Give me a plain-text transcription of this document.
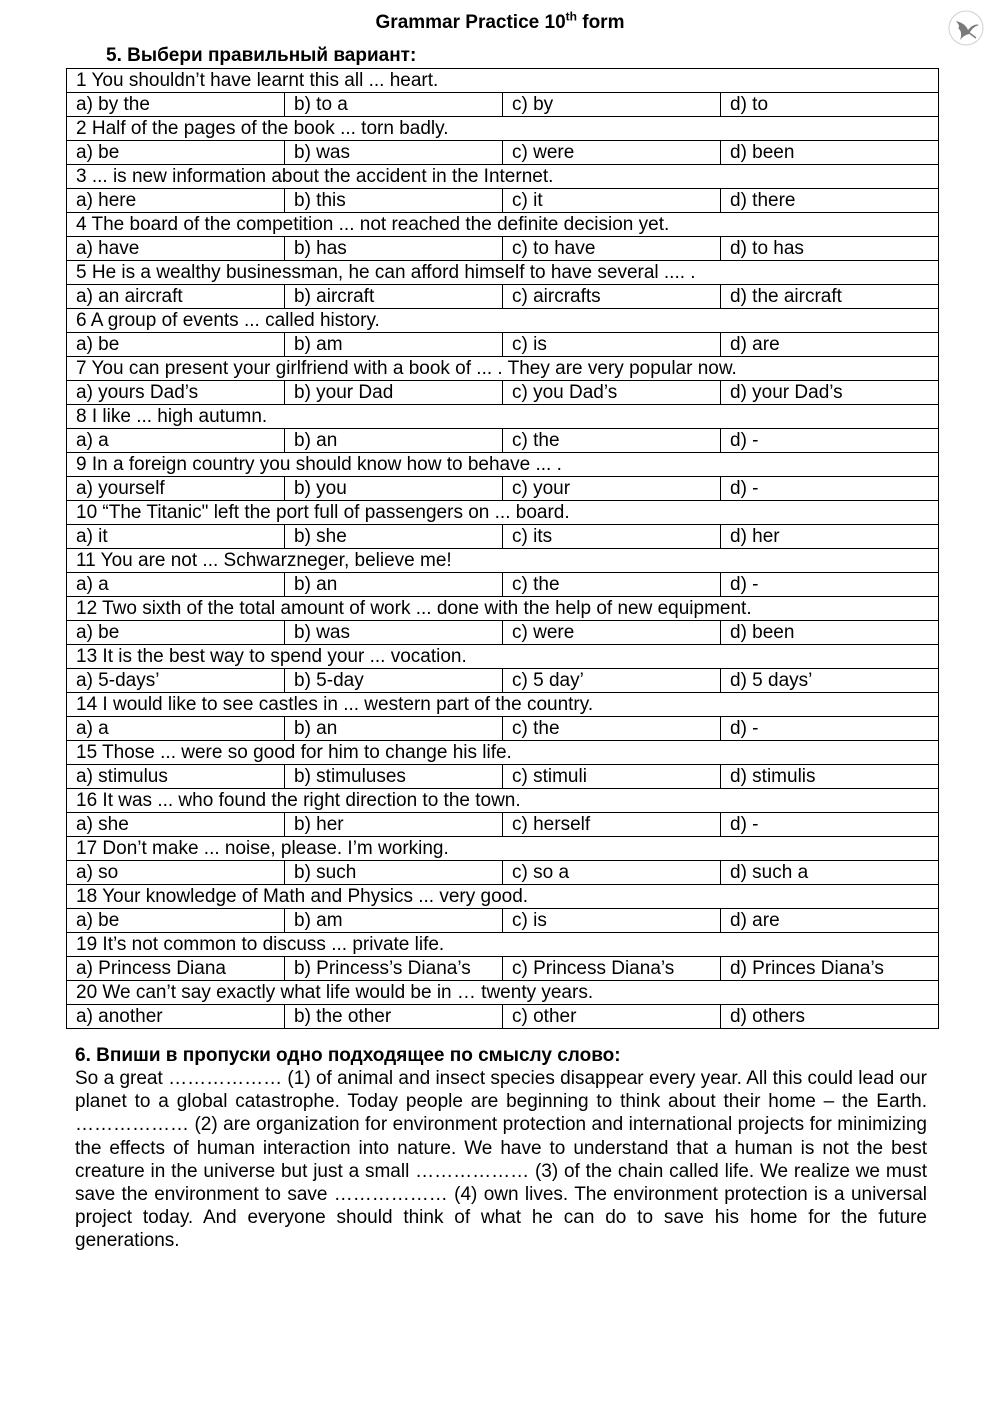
Grammar Practice 10th form
5. Выбери правильный вариант:
1 You shouldn’t have learnt this all ... heart.			
a) by the	b) to a	c) by	d) to
2 Half of the pages of the book ... torn badly.			
a) be	b) was	c) were	d) been
3 ... is new information about the accident in the Internet.			
a) here	b) this	c) it	d) there
4 The board of the competition ... not reached the definite decision yet.			
a) have	b) has	c) to have	d) to has
5 He is a wealthy businessman, he can afford himself to have several .... .			
a) an aircraft	b) aircraft	c) aircrafts	d) the aircraft
6 A group of events ... called history.			
a) be	b) am	c) is	d) are
7 You can present your girlfriend with a book of ... . They are very popular now.			
a) yours Dad’s	b) your Dad	c) you Dad’s	d) your Dad’s
8 I like ... high autumn.			
a) a	b) an	c) the	d) -
9 In a foreign country you should know how to behave ... .			
a) yourself	b) you	c) your	d) -
10 “The Titanic" left the port full of passengers on ... board.			
a) it	b) she	c) its	d) her
11 You are not ... Schwarzneger, believe me!			
a) a	b) an	c) the	d) -
12 Two sixth of the total amount of work ... done with the help of new equipment.			
a) be	b) was	c) were	d) been
13 It is the best way to spend your ... vocation.			
a) 5-days’	b) 5-day	c) 5 day’	d) 5 days’
14 I would like to see castles in ... western part of the country.			
a) a	b) an	c) the	d) -
15 Those ... were so good for him to change his life.			
a) stimulus	b) stimuluses	c) stimuli	d) stimulis
16 It was ... who found the right direction to the town.			
a) she	b) her	c) herself	d) -
17 Don’t make ... noise, please. I’m working.			
a) so	b) such	c) so a	d) such a
18 Your knowledge of Math and Physics ... very good.			
a) be	b) am	c) is	d) are
19 It’s not common to discuss ... private life.			
a) Princess Diana	b) Princess’s Diana’s	c) Princess Diana’s	d) Princes Diana’s
20 We can’t say exactly what life would be in … twenty years.			
a) another	b) the other	c) other	d) others
6. Впиши в пропуски одно подходящее по смыслу слово:
So a great ……………… (1) of animal and insect species disappear every year. All this could lead our planet to a global catastrophe. Today people are beginning to think about their home – the Earth. ……………… (2) are organization for environment protection and international projects for minimizing the effects of human interaction into nature. We have to understand that a human is not the best creature in the universe but just a small ……………… (3) of the chain called life. We realize we must save the environment to save ……………… (4) own lives. The environment protection is a universal project today. And everyone should think of what he can do to save his home for the future generations.
